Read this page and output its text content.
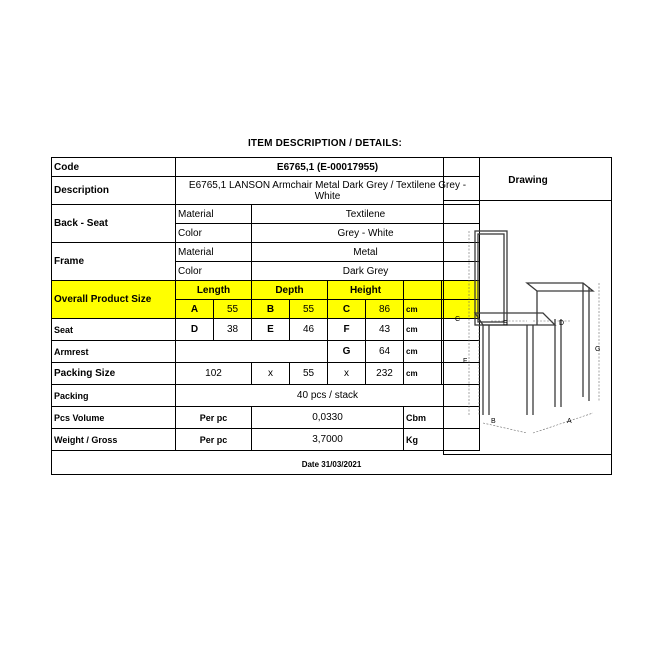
ITEM DESCRIPTION / DETAILS:
Code	E6765,1 (E-00017955)							
Description	E6765,1 LANSON Armchair Metal Dark Grey / Textilene Grey - White							
Back - Seat	Material		Textilene					
	Color		Grey - White					
Frame	Material		Metal					
	Color		Dark Grey					
Overall Product Size	Length		Depth		Height			
	A	55	B	55	C	86	cm	
Seat	D	38	E	46	F	43	cm	
Armrest					G	64	cm	
Packing Size	102		x	55	x	232	cm	
Packing	40 pcs / stack							
Pcs Volume	Per pc		0,0330				Cbm	
Weight / Gross	Per pc		3,7000				Kg	
Drawing
C
F
G
E	D
B	A
Date 31/03/2021
